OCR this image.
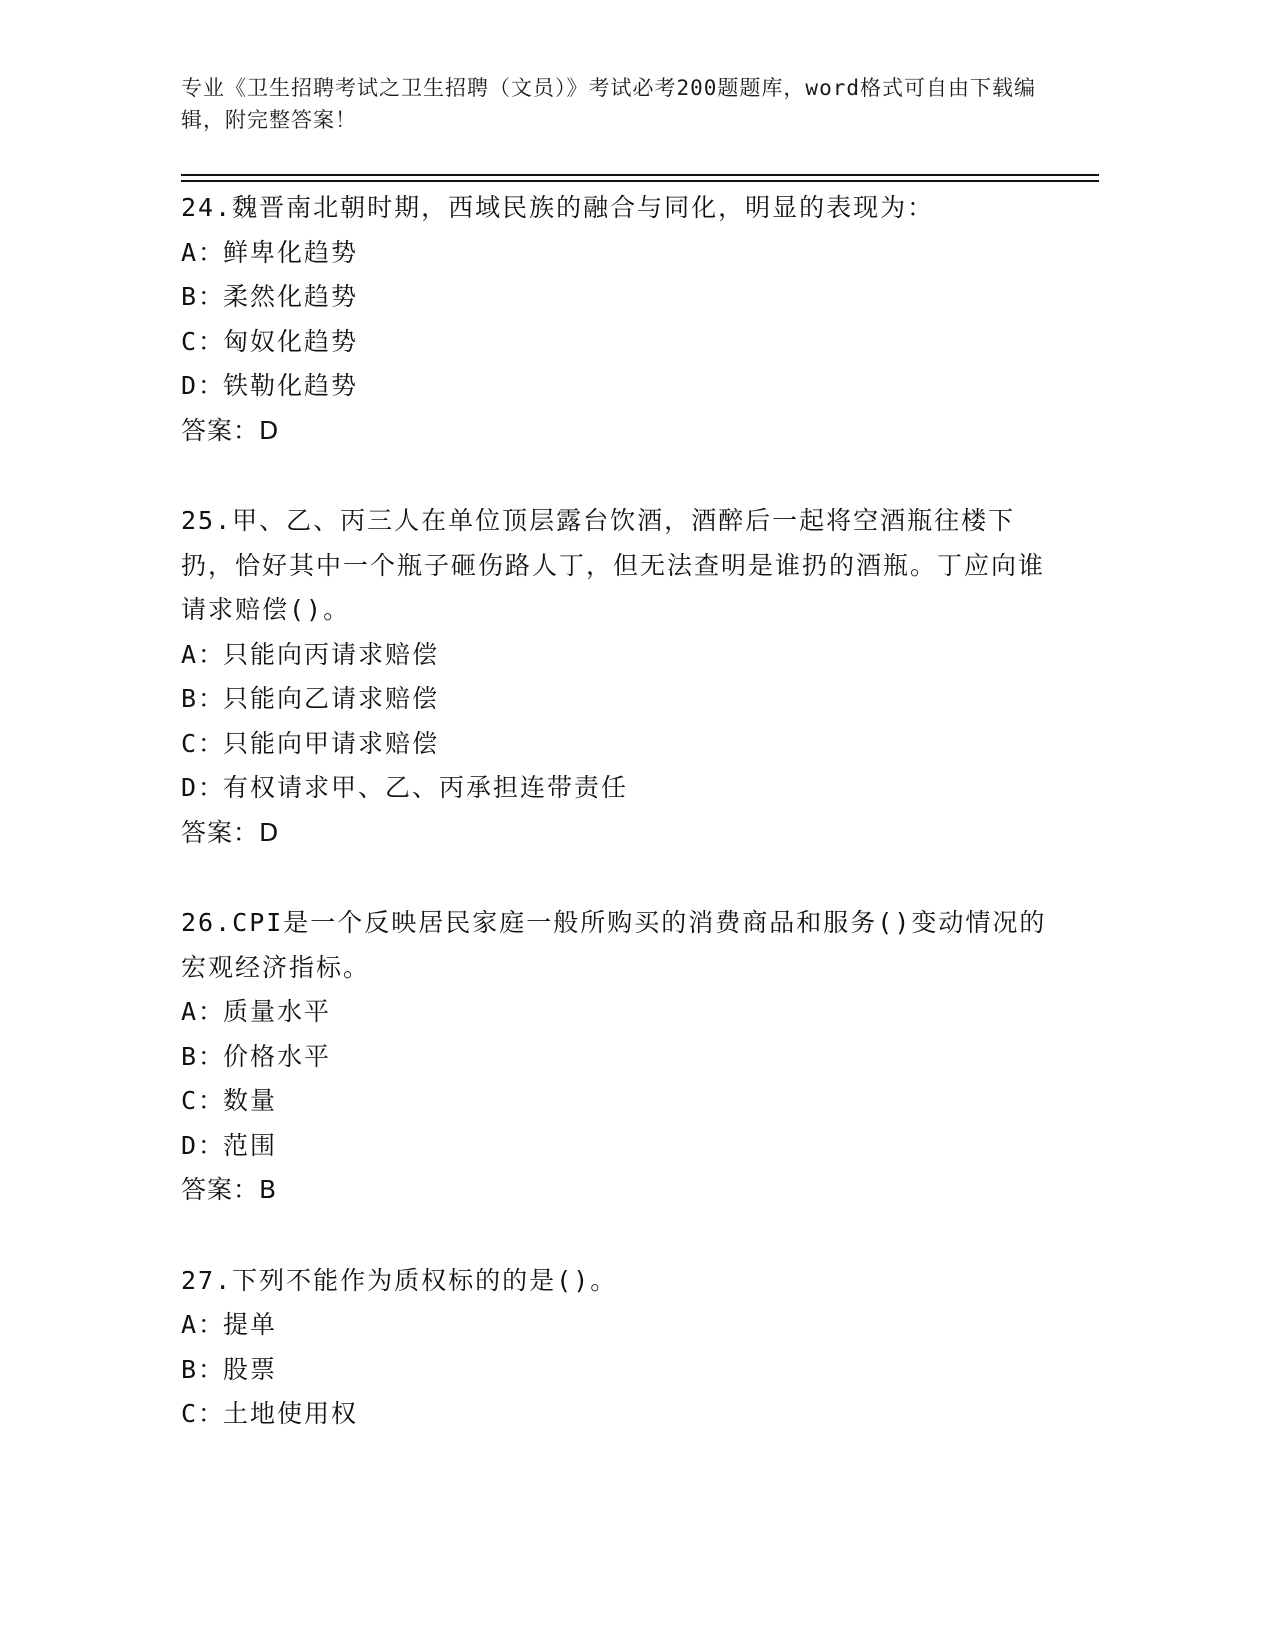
专业《卫生招聘考试之卫生招聘（文员）》考试必考200题题库，word格式可自由下载编辑，附完整答案！
24.魏晋南北朝时期，西域民族的融合与同化，明显的表现为：
A：鲜卑化趋势
B：柔然化趋势
C：匈奴化趋势
D：铁勒化趋势
答案：D
25.甲、乙、丙三人在单位顶层露台饮酒，酒醉后一起将空酒瓶往楼下扔，恰好其中一个瓶子砸伤路人丁，但无法查明是谁扔的酒瓶。丁应向谁请求赔偿()。
A：只能向丙请求赔偿
B：只能向乙请求赔偿
C：只能向甲请求赔偿
D：有权请求甲、乙、丙承担连带责任
答案：D
26.CPI是一个反映居民家庭一般所购买的消费商品和服务()变动情况的宏观经济指标。
A：质量水平
B：价格水平
C：数量
D：范围
答案：B
27.下列不能作为质权标的的是()。
A：提单
B：股票
C：土地使用权
